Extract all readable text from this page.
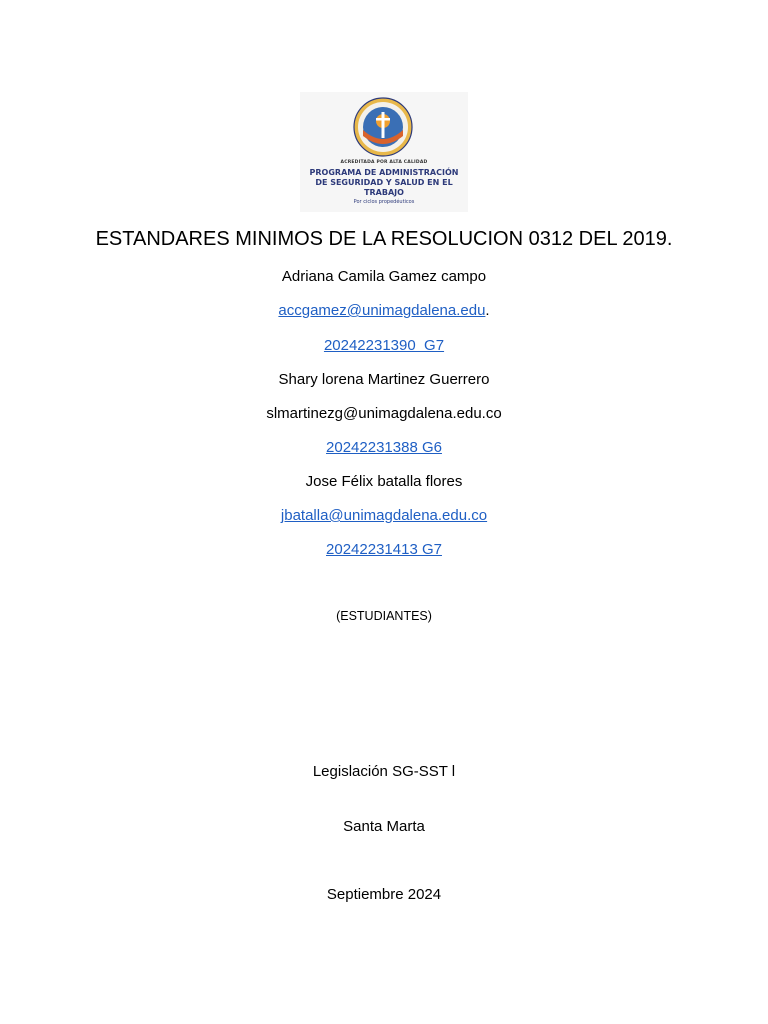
ACREDITADA POR ALTA CALIDAD
PROGRAMA DE ADMINISTRACIÓN
DE SEGURIDAD Y SALUD EN EL
TRABAJO
Por ciclos propedéuticos
ESTANDARES MINIMOS DE LA RESOLUCION 0312 DEL 2019.
Adriana Camila Gamez campo
accgamez@unimagdalena.edu.
20242231390  G7
Shary lorena Martinez Guerrero
slmartinezg@unimagdalena.edu.co
20242231388 G6
Jose Félix batalla flores
jbatalla@unimagdalena.edu.co
20242231413 G7
(ESTUDIANTES)
Legislación SG-SST l
Santa Marta
Septiembre 2024
